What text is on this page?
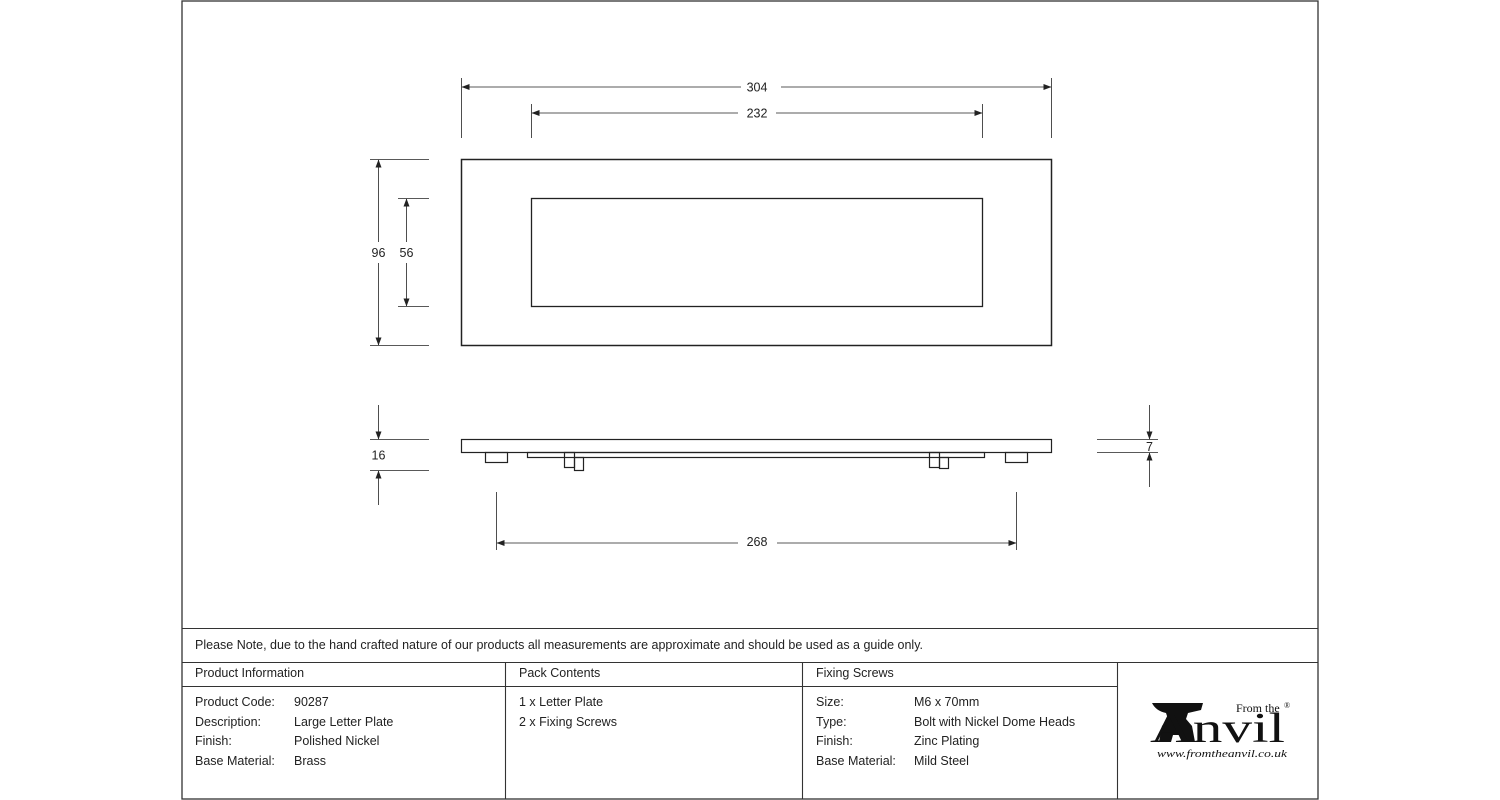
304
232
96 56
16
7
268
From the
Anvil
®
www.fromtheanvil.co.uk
Please Note, due to the hand crafted nature of our products all measurements are approximate and should be used as a guide only.
Product Information	Pack Contents	Fixing Screws
Product Code: 90287
Description:	Large Letter Plate
Finish:	Polished Nickel
Base Material: Brass
1 x Letter Plate
2 x Fixing Screws
Size:	M6 x 70mm
Type:	Bolt with Nickel Dome Heads
Finish:	Zinc Plating
Base Material: Mild Steel
